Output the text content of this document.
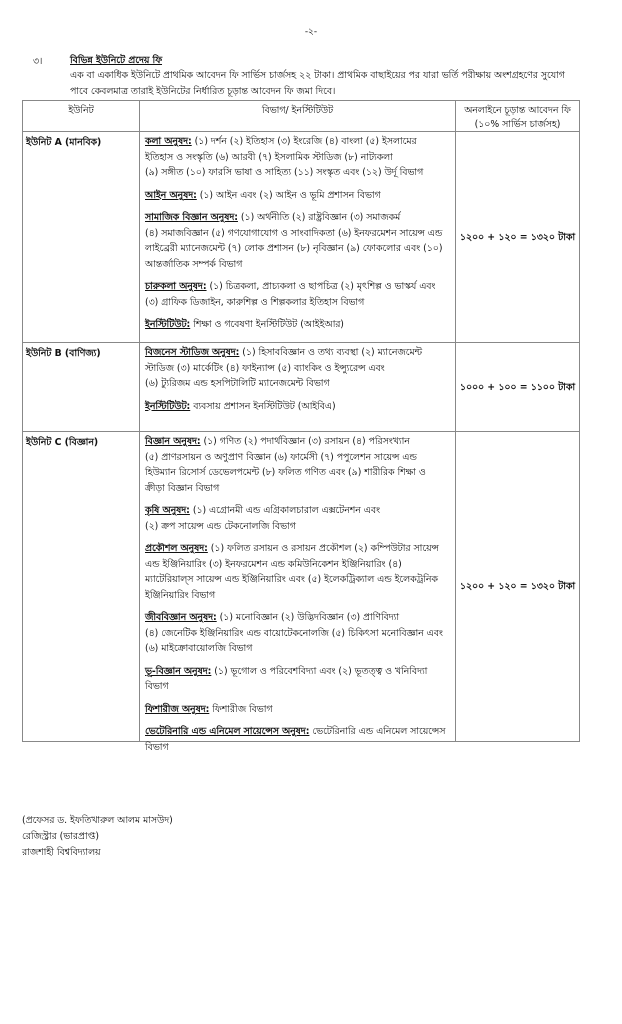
-২-
৩।	বিভিন্ন ইউনিটে প্রদেয় ফি
এক বা একাধিক ইউনিটে প্রাথমিক আবেদন ফি সার্ভিস চার্জসহ ২২ টাকা। প্রাথমিক বাছাইয়ের পর যারা ভর্তি পরীক্ষায় অংশগ্রহণের সুযোগ
পাবে কেবলমাত্র তারাই ইউনিটের নির্ধারিত চূড়ান্ত আবেদন ফি জমা দিবে।
ইউনিট	বিভাগ/ ইনস্টিটিউট	অনলাইনে চূড়ান্ত আবেদন ফি
(১০% সার্ভিস চার্জসহ)
ইউনিট A (মানবিক)	কলা অনুষদ: (১) দর্শন (২) ইতিহাস (৩) ইংরেজি (৪) বাংলা (৫) ইসলামের
ইতিহাস ও সংস্কৃতি (৬) আরবী (৭) ইসলামিক স্টাডিজ (৮) নাট্যকলা
(৯) সঙ্গীত (১০) ফারসি ভাষা ও সাহিত্য (১১) সংস্কৃত এবং (১২) উর্দূ বিভাগ
আইন অনুষদ: (১) আইন এবং (২) আইন ও ভূমি প্রশাসন বিভাগ
সামাজিক বিজ্ঞান অনুষদ: (১) অর্থনীতি (২) রাষ্ট্রবিজ্ঞান (৩) সমাজকর্ম
(৪) সমাজবিজ্ঞান (৫) গণযোগাযোগ ও সাংবাদিকতা (৬) ইনফরমেশন সায়েন্স এন্ড
লাইব্রেরী ম্যানেজমেন্ট (৭) লোক প্রশাসন (৮) নৃবিজ্ঞান (৯) ফোকলোর এবং (১০)
আন্তর্জাতিক সম্পর্ক বিভাগ
চারুকলা অনুষদ: (১) চিত্রকলা, প্রাচ্যকলা ও ছাপচিত্র (২) মৃৎশিল্প ও ভাস্কর্য এবং
(৩) গ্রাফিক ডিজাইন, কারুশিল্প ও শিল্পকলার ইতিহাস বিভাগ
ইনস্টিটিউট: শিক্ষা ও গবেষণা ইনস্টিটিউট (আইইআর)
১২০০ + ১২০ = ১৩২০ টাকা
ইউনিট B (বাণিজ্য)	বিজনেস স্টাডিজ অনুষদ: (১) হিসাববিজ্ঞান ও তথ্য ব্যবস্থা (২) ম্যানেজমেন্ট
স্টাডিজ (৩) মার্কেটিং (৪) ফাইন্যান্স (৫) ব্যাংকিং ও ইন্স্যুরেন্স এবং
(৬) ট্যুরিজম এন্ড হসপিটালিটি ম্যানেজমেন্ট বিভাগ
ইনস্টিটিউট: ব্যবসায় প্রশাসন ইনস্টিটিউট (আইবিএ)
১০০০ + ১০০ = ১১০০ টাকা
ইউনিট C (বিজ্ঞান)	বিজ্ঞান অনুষদ: (১) গণিত (২) পদার্থবিজ্ঞান (৩) রসায়ন (৪) পরিসংখ্যান
(৫) প্রাণরসায়ন ও অণুপ্রাণ বিজ্ঞান (৬) ফার্মেসী (৭) পপুলেশন সায়েন্স এন্ড
হিউম্যান রিসোর্স ডেভেলপমেন্ট (৮) ফলিত গণিত এবং (৯) শারীরিক শিক্ষা ও
ক্রীড়া বিজ্ঞান বিভাগ
কৃষি অনুষদ: (১) এগ্রোনমী এন্ড এগ্রিকালচারাল এক্সটেনশন এবং
(২) ক্রপ সায়েন্স এন্ড টেকনোলজি বিভাগ
প্রকৌশল অনুষদ: (১) ফলিত রসায়ন ও রসায়ন প্রকৌশল (২) কম্পিউটার সায়েন্স
এন্ড ইঞ্জিনিয়ারিং (৩) ইনফরমেশন এন্ড কমিউনিকেশন ইঞ্জিনিয়ারিং (৪)
ম্যাটেরিয়াল্স সায়েন্স এন্ড ইঞ্জিনিয়ারিং এবং (৫) ইলেকট্রিক্যাল এন্ড ইলেকট্রনিক
ইঞ্জিনিয়ারিং বিভাগ
জীববিজ্ঞান অনুষদ: (১) মনোবিজ্ঞান (২) উদ্ভিদবিজ্ঞান (৩) প্রাণিবিদ্যা
(৪) জেনেটিক ইঞ্জিনিয়ারিং এন্ড বায়োটেকনোলজি (৫) চিকিৎসা মনোবিজ্ঞান এবং
(৬) মাইক্রোবায়োলজি বিভাগ
ভূ-বিজ্ঞান অনুষদ: (১) ভূগোল ও পরিবেশবিদ্যা এবং (২) ভূতত্ত্ব ও খনিবিদ্যা বিভাগ
ফিশারীজ অনুষদ: ফিশারীজ বিভাগ
ভেটেরিনারি এন্ড এনিমেল সায়েন্সেস অনুষদ: ভেটেরিনারি এন্ড এনিমেল সায়েন্সেস
বিভাগ
১২০০ + ১২০ = ১৩২০ টাকা
(প্রফেসর ড. ইফতিখারুল আলম মাসউদ)
রেজিস্ট্রার (ভারপ্রাপ্ত)
রাজশাহী বিশ্ববিদ্যালয়
